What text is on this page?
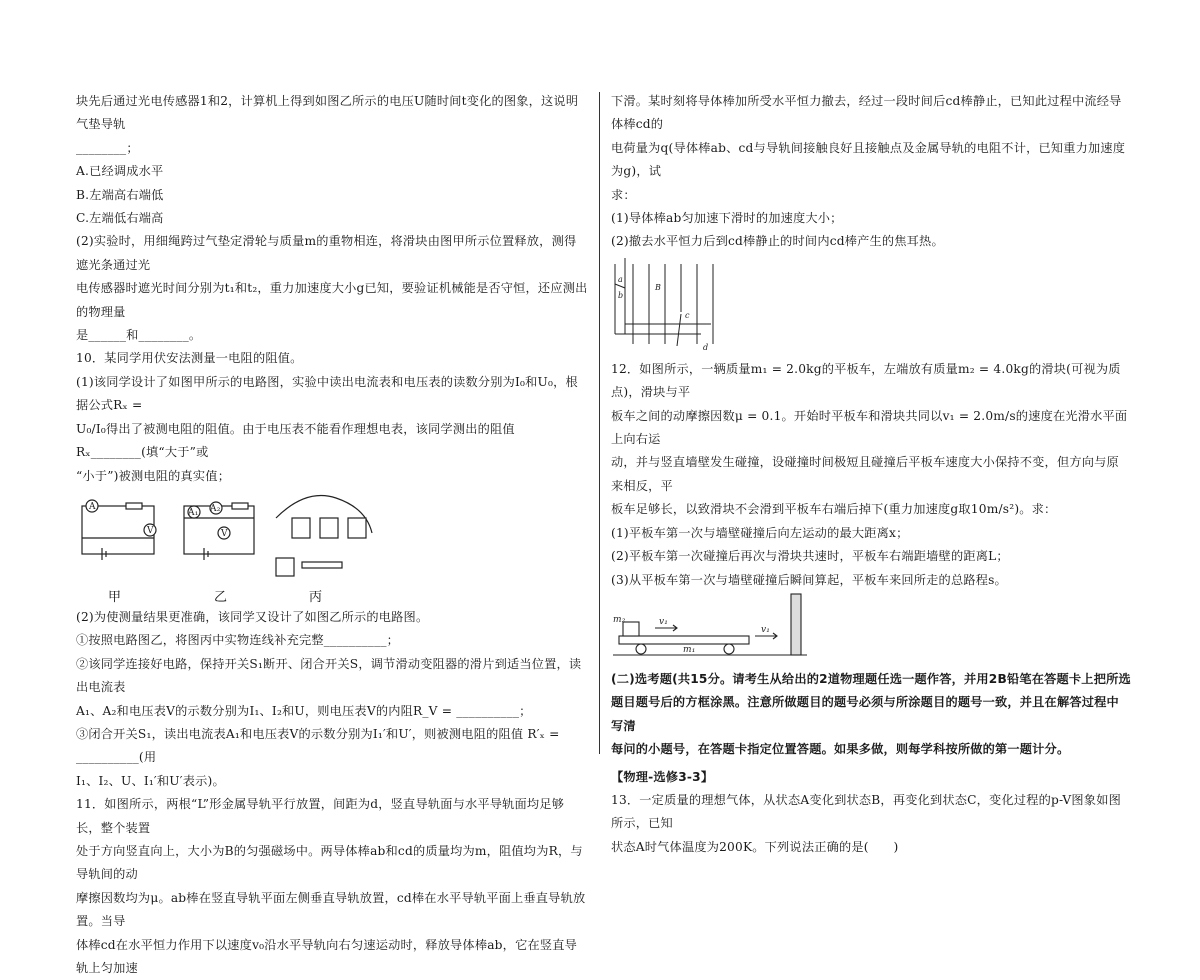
块先后通过光电传感器1和2，计算机上得到如图乙所示的电压U随时间t变化的图象，这说明气垫导轨

________；

A.已经调成水平

B.左端高右端低

C.左端低右端高

(2)实验时，用细绳跨过气垫定滑轮与质量m的重物相连，将滑块由图甲所示位置释放，测得遮光条通过光

电传感器时遮光时间分别为t₁和t₂，重力加速度大小g已知，要验证机械能是否守恒，还应测出的物理量

是______和________。

10．某同学用伏安法测量一电阻的阻值。

(1)该同学设计了如图甲所示的电路图，实验中读出电流表和电压表的读数分别为I₀和U₀，根据公式Rₓ =

U₀/I₀得出了被测电阻的阻值。由于电压表不能看作理想电表，该同学测出的阻值Rₓ________(填“大于”或

“小于”)被测电阻的真实值；

A
V
A₁ A₂
V
甲	乙	丙

(2)为使测量结果更准确，该同学又设计了如图乙所示的电路图。

①按照电路图乙，将图丙中实物连线补充完整__________；

②该同学连接好电路，保持开关S₁断开、闭合开关S，调节滑动变阻器的滑片到适当位置，读出电流表

A₁、A₂和电压表V的示数分别为I₁、I₂和U，则电压表V的内阻R_V = __________；

③闭合开关S₁，读出电流表A₁和电压表V的示数分别为I₁′和U′，则被测电阻的阻值 R′ₓ = __________(用

I₁、I₂、U、I₁′和U′表示)。

11．如图所示，两根“L”形金属导轨平行放置，间距为d，竖直导轨面与水平导轨面均足够长，整个装置

处于方向竖直向上，大小为B的匀强磁场中。两导体棒ab和cd的质量均为m，阻值均为R，与导轨间的动

摩擦因数均为μ。ab棒在竖直导轨平面左侧垂直导轨放置，cd棒在水平导轨平面上垂直导轨放置。当导

体棒cd在水平恒力作用下以速度v₀沿水平导轨向右匀速运动时，释放导体棒ab，它在竖直导轨上匀加速

下滑。某时刻将导体棒加所受水平恒力撤去，经过一段时间后cd棒静止，已知此过程中流经导体棒cd的

电荷量为q(导体棒ab、cd与导轨间接触良好且接触点及金属导轨的电阻不计，已知重力加速度为g)，试

求：

(1)导体棒ab匀加速下滑时的加速度大小；

(2)撤去水平恒力后到cd棒静止的时间内cd棒产生的焦耳热。

B
a
b
c
d

12．如图所示，一辆质量m₁ = 2.0kg的平板车，左端放有质量m₂ = 4.0kg的滑块(可视为质点)，滑块与平

板车之间的动摩擦因数μ = 0.1。开始时平板车和滑块共同以v₁ = 2.0m/s的速度在光滑水平面上向右运

动，并与竖直墙壁发生碰撞，设碰撞时间极短且碰撞后平板车速度大小保持不变，但方向与原来相反，平

板车足够长，以致滑块不会滑到平板车右端后掉下(重力加速度g取10m/s²)。求：

(1)平板车第一次与墙壁碰撞后向左运动的最大距离x；

(2)平板车第一次碰撞后再次与滑块共速时，平板车右端距墙壁的距离L；

(3)从平板车第一次与墙壁碰撞后瞬间算起，平板车来回所走的总路程s。

m₂
m₁
v₁
v₁

(二)选考题(共15分。请考生从给出的2道物理题任选一题作答，并用2B铅笔在答题卡上把所选

题目题号后的方框涂黑。注意所做题目的题号必须与所涂题目的题号一致，并且在解答过程中写清

每问的小题号，在答题卡指定位置答题。如果多做，则每学科按所做的第一题计分。

【物理-选修3-3】

13．一定质量的理想气体，从状态A变化到状态B，再变化到状态C，变化过程的p-V图象如图所示，已知

状态A时气体温度为200K。下列说法正确的是(　　)
